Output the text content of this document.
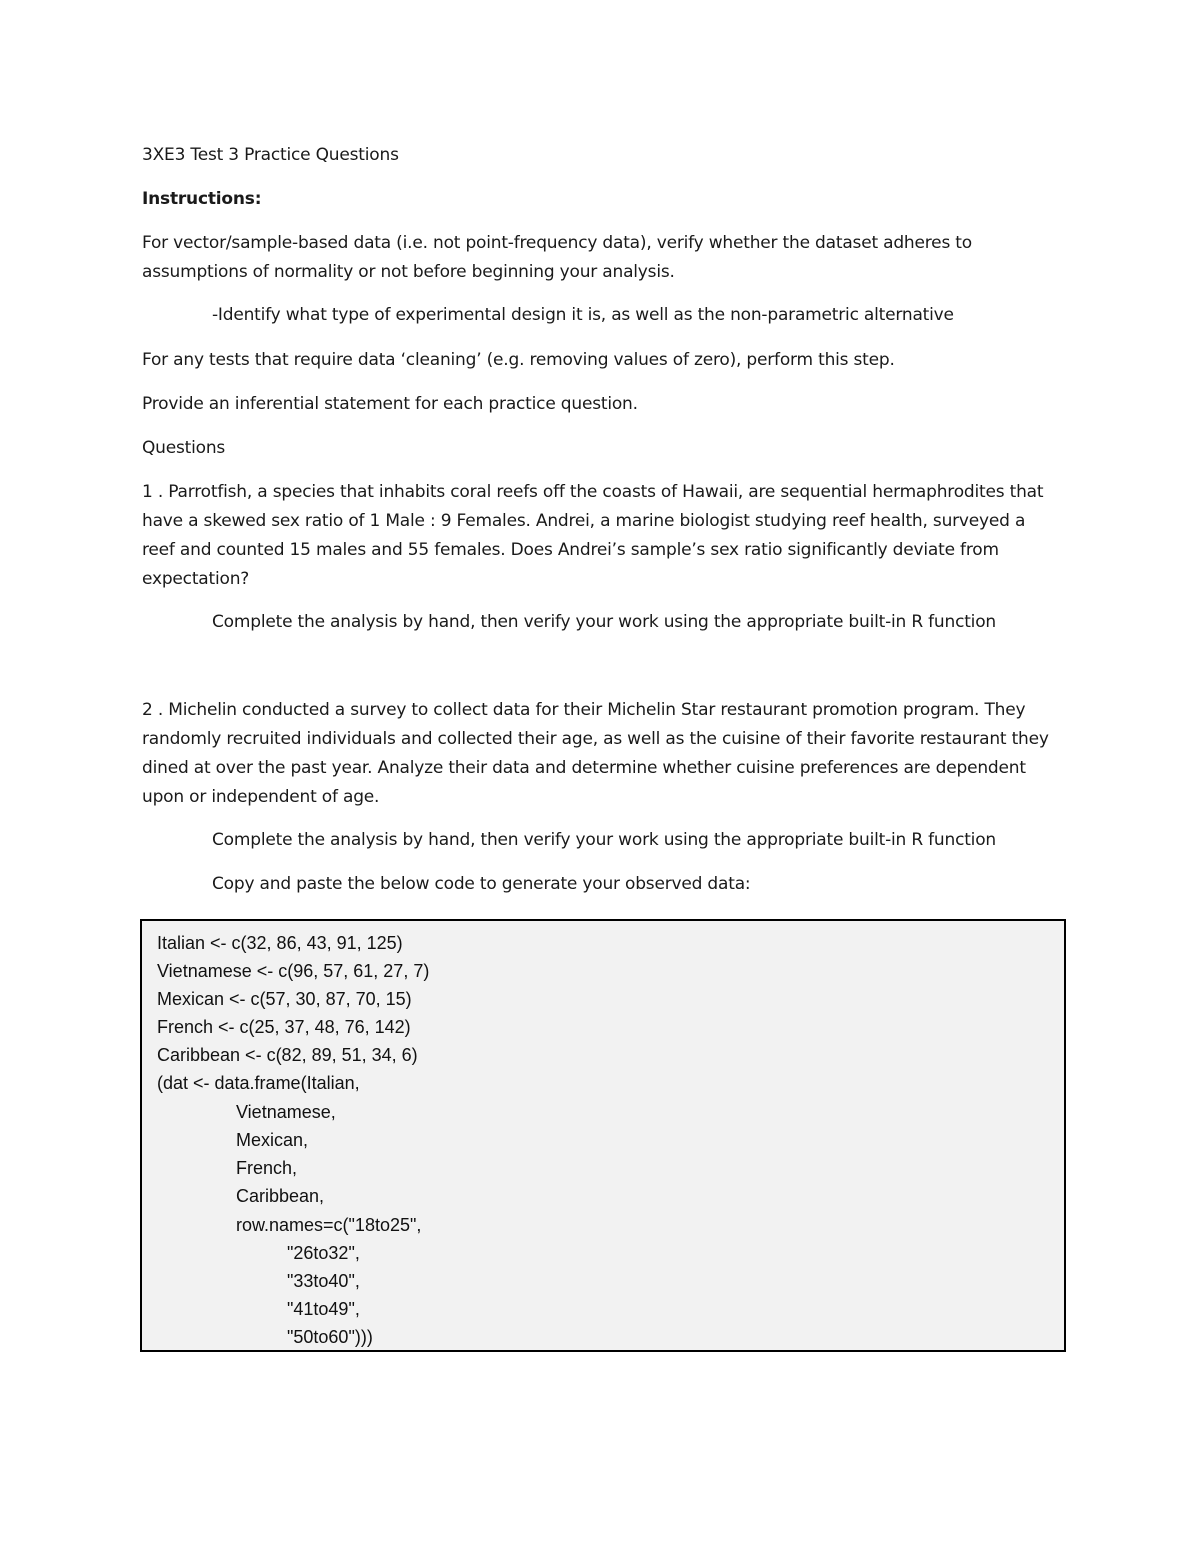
3XE3 Test 3 Practice Questions
Instructions:
For vector/sample-based data (i.e. not point-frequency data), verify whether the dataset adheres to assumptions of normality or not before beginning your analysis.
-Identify what type of experimental design it is, as well as the non-parametric alternative
For any tests that require data ‘cleaning’ (e.g. removing values of zero), perform this step.
Provide an inferential statement for each practice question.
Questions
1 . Parrotfish, a species that inhabits coral reefs off the coasts of Hawaii, are sequential hermaphrodites that have a skewed sex ratio of 1 Male : 9 Females. Andrei, a marine biologist studying reef health, surveyed a reef and counted 15 males and 55 females. Does Andrei’s sample’s sex ratio significantly deviate from expectation?
Complete the analysis by hand, then verify your work using the appropriate built-in R function
2 . Michelin conducted a survey to collect data for their Michelin Star restaurant promotion program. They randomly recruited individuals and collected their age, as well as the cuisine of their favorite restaurant they dined at over the past year. Analyze their data and determine whether cuisine preferences are dependent upon or independent of age.
Complete the analysis by hand, then verify your work using the appropriate built-in R function
Copy and paste the below code to generate your observed data:
Italian <- c(32, 86, 43, 91, 125)
Vietnamese <- c(96, 57, 61, 27, 7)
Mexican <- c(57, 30, 87, 70, 15)
French <- c(25, 37, 48, 76, 142)
Caribbean <- c(82, 89, 51, 34, 6)
(dat <- data.frame(Italian,
Vietnamese,
Mexican,
French,
Caribbean,
row.names=c("18to25",
"26to32",
"33to40",
"41to49",
"50to60")))
